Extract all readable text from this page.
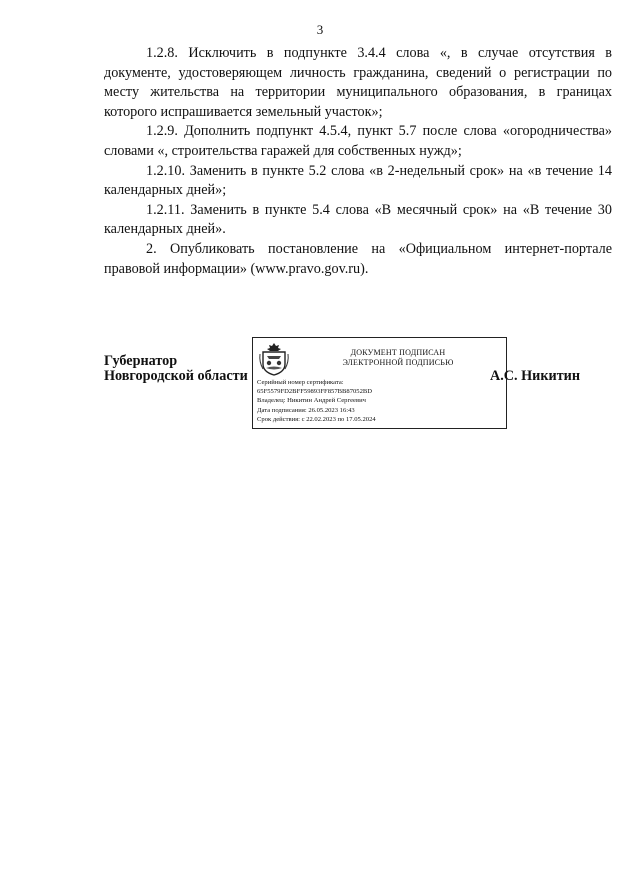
3

1.2.8. Исключить в подпункте 3.4.4 слова «, в случае отсутствия в документе, удостоверяющем личность гражданина, сведений о регистрации по месту жительства на территории муниципального образования, в границах которого испрашивается земельный участок»;

1.2.9. Дополнить подпункт 4.5.4, пункт 5.7 после слова «огородничества» словами «, строительства гаражей для собственных нужд»;

1.2.10. Заменить в пункте 5.2 слова «в 2-недельный срок» на «в течение 14 календарных дней»;

1.2.11. Заменить в пункте 5.4 слова «В месячный срок» на «В течение 30 календарных дней».

2. Опубликовать постановление на «Официальном интернет-портале правовой информации» (www.pravo.gov.ru).

Губернатор
Новгородской области
ДОКУМЕНТ ПОДПИСАН
ЭЛЕКТРОННОЙ ПОДПИСЬЮ
Серийный номер сертификата:
65F5579FD2BFF59893FF857BB87052BD
Владелец: Никитин Андрей Сергеевич
Дата подписания: 26.05.2023 16:43
Срок действия: с 22.02.2023 по 17.05.2024
А.С. Никитин
